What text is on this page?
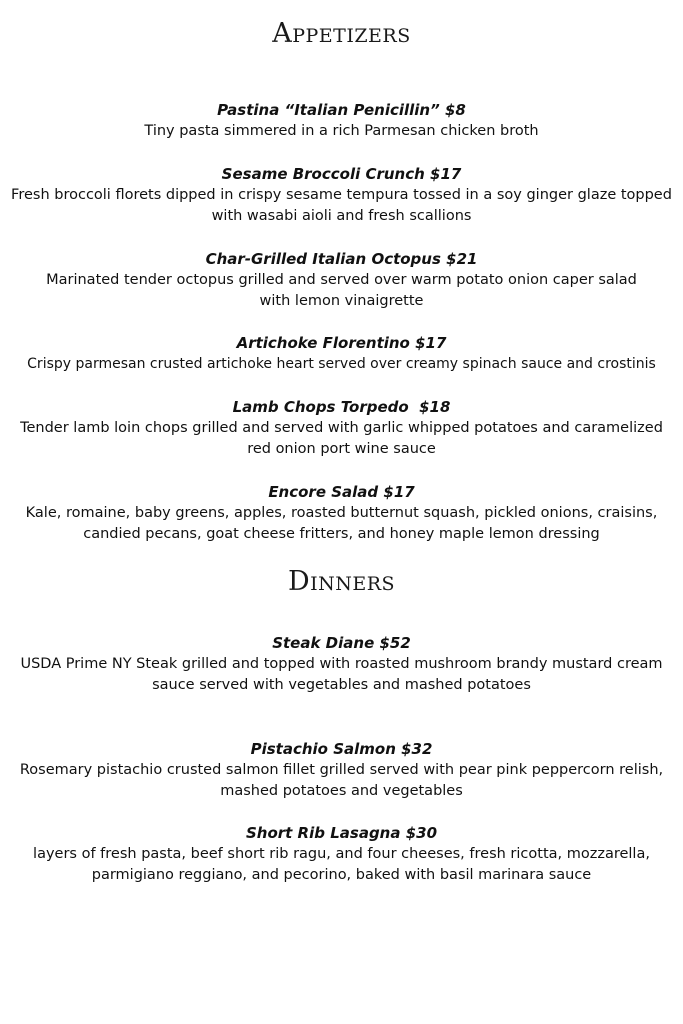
Appetizers
Pastina “Italian Penicillin” $8
Tiny pasta simmered in a rich Parmesan chicken broth
Sesame Broccoli Crunch $17
Fresh broccoli florets dipped in crispy sesame tempura tossed in a soy ginger glaze topped with wasabi aioli and fresh scallions
Char-Grilled Italian Octopus $21
Marinated tender octopus grilled and served over warm potato onion caper salad with lemon vinaigrette
Artichoke Florentino $17
Crispy parmesan crusted artichoke heart served over creamy spinach sauce and crostinis
Lamb Chops Torpedo  $18
Tender lamb loin chops grilled and served with garlic whipped potatoes and caramelized red onion port wine sauce
Encore Salad $17
Kale, romaine, baby greens, apples, roasted butternut squash, pickled onions, craisins, candied pecans, goat cheese fritters, and honey maple lemon dressing
Dinners
Steak Diane $52
USDA Prime NY Steak grilled and topped with roasted mushroom brandy mustard cream sauce served with vegetables and mashed potatoes
Pistachio Salmon $32
Rosemary pistachio crusted salmon fillet grilled served with pear pink peppercorn relish, mashed potatoes and vegetables
Short Rib Lasagna $30
layers of fresh pasta, beef short rib ragu, and four cheeses, fresh ricotta, mozzarella, parmigiano reggiano, and pecorino, baked with basil marinara sauce
